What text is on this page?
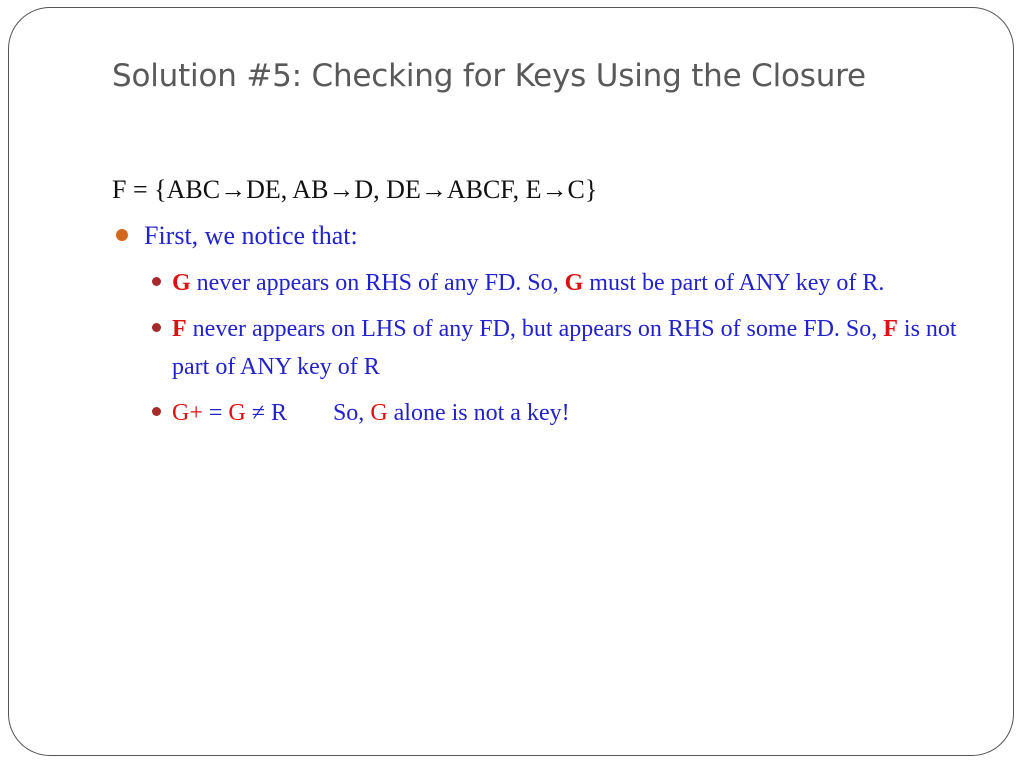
Solution #5: Checking for Keys Using the Closure
F = {ABC→DE, AB→D, DE→ABCF, E→C}
First, we notice that:
G never appears on RHS of any FD. So, G must be part of ANY key of R.
F never appears on LHS of any FD, but appears on RHS of some FD. So, F is not part of ANY key of R
G+ = G ≠ R So, G alone is not a key!
